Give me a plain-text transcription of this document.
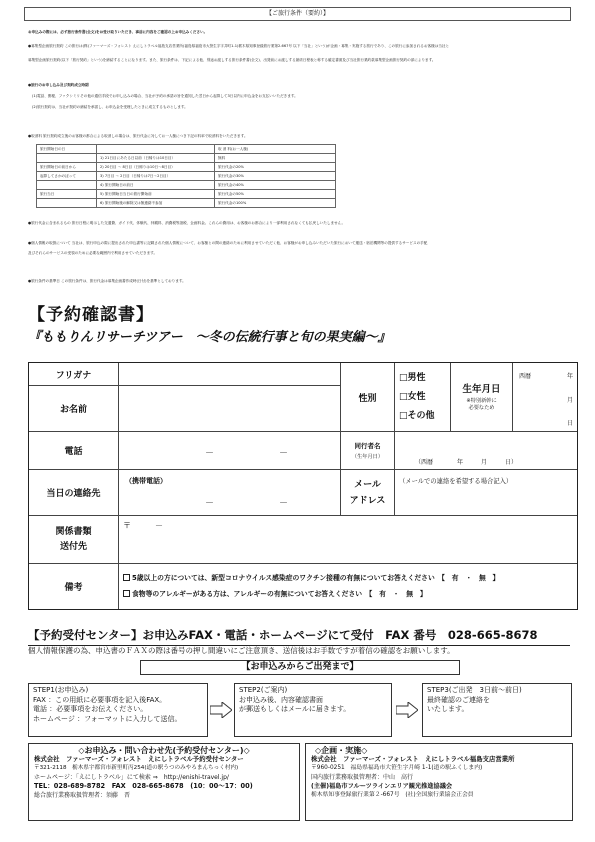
【ご旅行条件（要約）】
お申込みの際には、必ず旅行条件書(全文)をお受け取りいただき、事前に内容をご確認の上お申込みください。
●募集型企画旅行契約 この旅行は(株)ファーマーズ・フォレスト えにしトラベル福島支店営業所(福島県福島市大笹生字宇井町1-1)栃木県知事登録旅行業第2-667号 以下「当社」という)が企画・募集・実施する旅行であり、この旅行に参加されるお客様は当社と
募集型企画旅行契約(以下「旅行契約」という)を締結することになります。また、旅行条件は、下記による他、別途お渡しする旅行条件書(全文)、出発前にお渡しする最終日程表と称する確定書面及び当社旅行業約款募集型企画旅行契約の部によります。
●旅行のお申し込み及び契約成立時期
(1)電話、郵便、ファクシミリその他の通信手段でお申し込みの場合、当社が予約の承諾の旨を通知した翌日から起算して3日以内に申込金をお支払いいただきます。
(2)旅行契約は、当社が契約の締結を承諾し、お申込金を受理したときに成立するものとします。
●取消料 旅行契約成立後のお客様の都合による取消しの場合は、旅行代金に対してお一人様につき下記の料率で取消料をいただきます。
旅行開始日の日		取 消 料(お一人様)
	1) 21日目にあたる日以前（日帰りは10日目）	無料
旅行開始日の前日から	2) 20日目 ～ 8日目（日帰りは10日～8日目）	旅行代金の20%
起算してさかのぼって	3) 7日目 ～ 2日目（日帰りは7日～2日目）	旅行代金の30%
	4) 旅行開始日の前日	旅行代金の40%
旅行当日	5) 旅行開始日当日の旅行開始前	旅行代金の50%
	6) 旅行開始後の解除又は無連絡不参加	旅行代金の100%
●旅行代金に含まれるもの 旅行日程に明示した交通費、ガイド代、体験代、拝観料、消費税等諸税、企画料金。これらの費用は、お客様のお都合により一部利用されなくても払戻しいたしません。
●個人情報の取扱について 当社は、旅行申込の際に提出された申込書等に記載された個人情報について、お客様との間の連絡のために利用させていただく他、お客様がお申し込みいただいた旅行において運送・宿泊機関等の提供するサービスの手配
及びそれらのサービスの受領のために必要な範囲内で利用させていただきます。
●旅行条件の基準日 この旅行条件は、旅行代金は募集企画書作成時(日付)を基準としております。
【予約確認書】
『ももりんリサーチツアー　～冬の伝統行事と旬の果実編～』
フリガナ
お名前
性別
□男性
□女性
□その他
生年月日
※特別新幹に
必要なため
西暦	年
月
日
電話	－	－
同行者名
（生年月日）
（西暦　　　　年　　　月　　　日）
当日の連絡先
（携帯電話）
－	－
メール
アドレス
（メールでの連絡を希望する場合記入）
関係書類
送付先
〒　　　－
備考
5歳以上の方については、新型コロナウイルス感染症のワクチン接種の有無についてお答えください　【　有　・　無　】
食物等のアレルギーがある方は、アレルギーの有無についてお答えください　【　有　・　無　】
【予約受付センター】お申込みFAX・電話・ホームページにて受付　FAX 番号　028-665-8678
個人情報保護の為、申込書のＦＡＸの際は番号の押し間違いにご注意頂き、送信後はお手数ですが着信の確認をお願いします。
【お申込みからご出発まで】
STEP1(お申込み)
FAX ：この用紙に必要事項を記入後FAX。
電話 ：必要事項をお伝えください。
ホームページ ：フォーマットに入力して送信。
STEP2(ご案内)
お申込み後、内容確認書面
が郵送もしくはメールに届きます。
STEP3(ご出発　3日前～前日)
最終確認のご連絡を
いたします。
◇お申込み・問い合わせ先(予約受付センター)◇
株式会社　ファーマーズ・フォレスト　えにしトラベル予約受付センター
〒321-2118　栃木県宇都宮市新里町丙254(道の駅うつのみやろまんちっく村内)
ホームページ：「えにしトラベル」にて検索 ⇒　http://enishi-travel.jp/
TEL：028-689-8782　FAX　028-665-8678　(10：00～17：00)
総合旅行業務取扱管理者：須藤　晋
◇企画・実施◇
株式会社　ファーマーズ・フォレスト　えにしトラベル福島支店営業所
〒960-0251　福島県福島市大笹生字月崎 1-1(道の駅ふくしま内)
国内旅行業務取扱管理者：中山　高行
(主催)福島市フルーツラインエリア観光推進協議会
栃木県知事登録旅行業第２-667号　(社)全国旅行業協会正会員
